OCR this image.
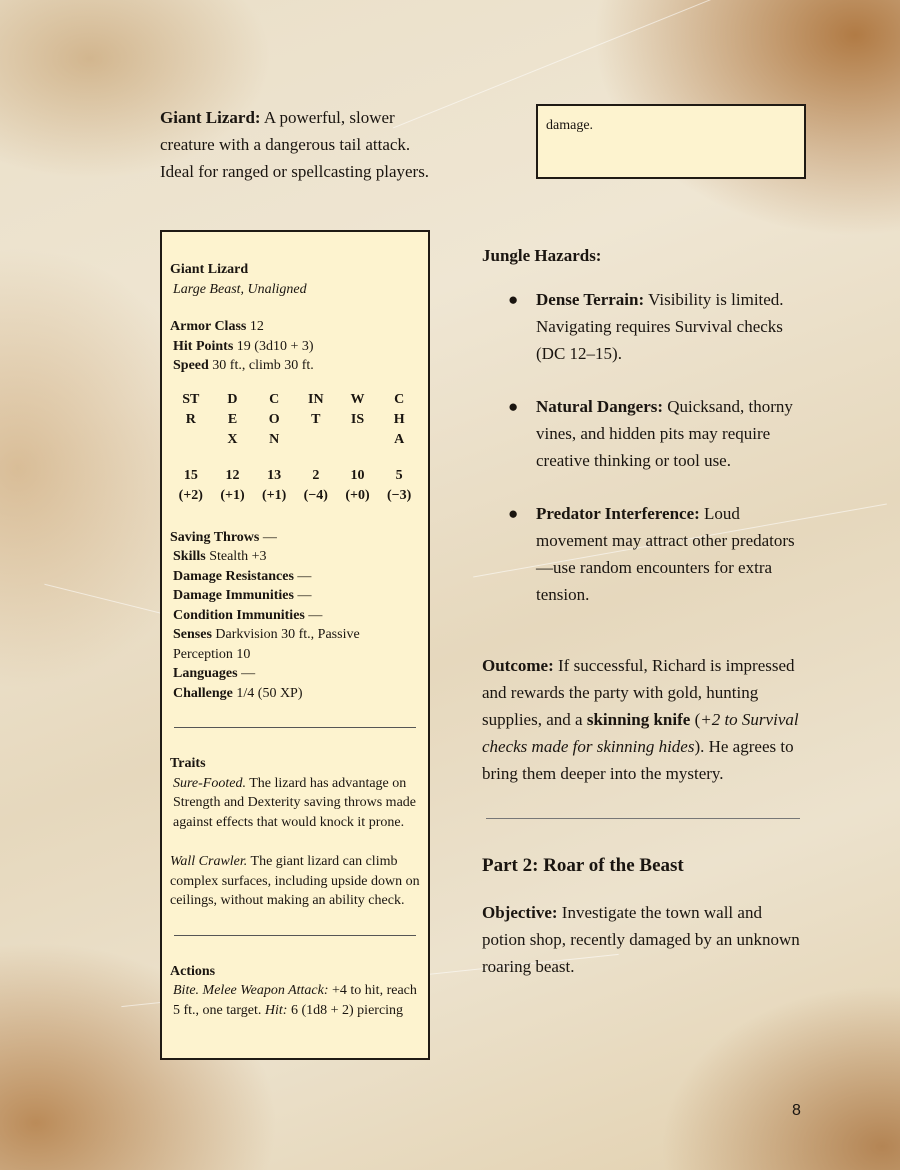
Giant Lizard: A powerful, slower creature with a dangerous tail attack. Ideal for ranged or spellcasting players.
damage.

Giant Lizard

Large Beast, Unaligned

Armor Class 12

Hit Points 19 (3d10 + 3)

Speed 30 ft., climb 30 ft.

STR
DEX
CON
INT
WIS
CHA
15 (+2)
12 (+1)
13 (+1)
2 (−4)
10 (+0)
5 (−3)

Saving Throws —

Skills Stealth +3

Damage Resistances —

Damage Immunities —

Condition Immunities —

Senses Darkvision 30 ft., Passive Perception 10

Languages —

Challenge 1/4 (50 XP)

Traits

Sure-Footed. The lizard has advantage on Strength and Dexterity saving throws made against effects that would knock it prone.

Wall Crawler. The giant lizard can climb complex surfaces, including upside down on ceilings, without making an ability check.

Actions

Bite. Melee Weapon Attack: +4 to hit, reach 5 ft., one target. Hit: 6 (1d8 + 2) piercing

Jungle Hazards:
● Dense Terrain: Visibility is limited. Navigating requires Survival checks (DC 12–15).
● Natural Dangers: Quicksand, thorny vines, and hidden pits may require creative thinking or tool use.
● Predator Interference: Loud movement may attract other predators—use random encounters for extra tension.
Outcome: If successful, Richard is impressed and rewards the party with gold, hunting supplies, and a skinning knife (+2 to Survival checks made for skinning hides). He agrees to bring them deeper into the mystery.
Part 2: Roar of the Beast
Objective: Investigate the town wall and potion shop, recently damaged by an unknown roaring beast.
8
